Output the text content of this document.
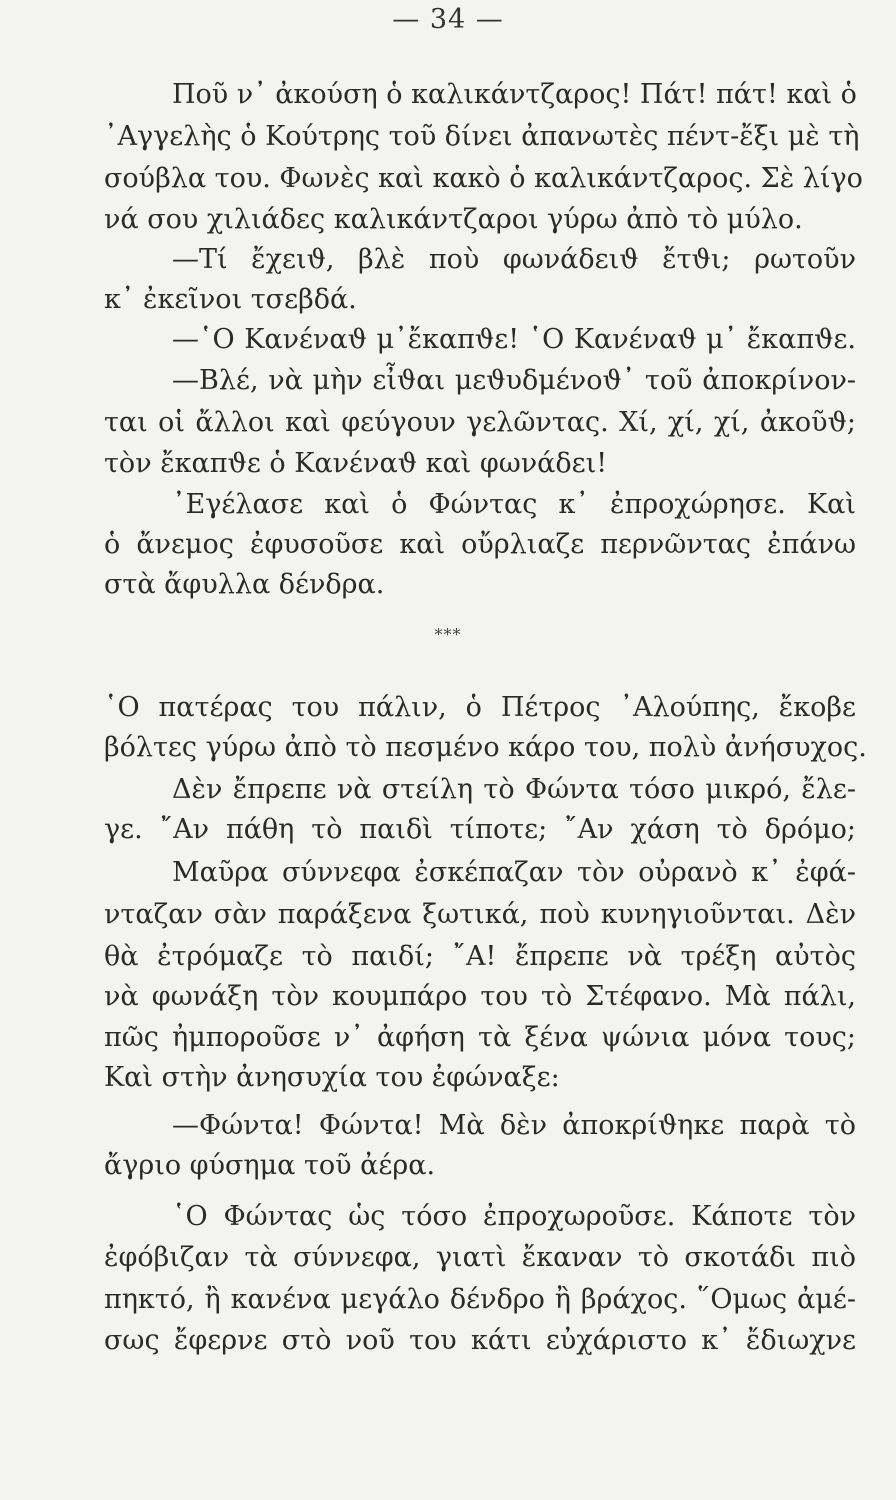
— 34 —
Ποῦ ν᾽ ἀκούση ὁ καλικάντζαρος! Πάτ! πάτ! καὶ ὁ
᾽Αγγελὴς ὁ Κούτρης τοῦ δίνει ἀπανωτὲς πέντ-ἔξι μὲ τὴ
σούβλα του. Φωνὲς καὶ κακὸ ὁ καλικάντζαρος. Σὲ λίγο
νά σου χιλιάδες καλικάντζαροι γύρω ἀπὸ τὸ μύλο.
—Τί ἔχειϑ, βλὲ ποὺ φωνάδειϑ ἔτϑι; ρωτοῦν
κ᾽ ἐκεῖνοι τσεβδά.
—῾Ο Κανέναϑ μ᾽ἔκαπϑε! ῾Ο Κανέναϑ μ᾽ ἔκαπϑε.
—Βλέ, νὰ μὴν εἶϑαι μεϑυδμένοϑ᾽ τοῦ ἀποκρίνον-
ται οἱ ἄλλοι καὶ φεύγουν γελῶντας. Χί, χί, χί, ἀκοῦϑ;
τὸν ἔκαπϑε ὁ Κανέναϑ καὶ φωνάδει!
᾽Εγέλασε καὶ ὁ Φώντας κ᾽ ἐπροχώρησε. Καὶ
ὁ ἄνεμος ἐφυσοῦσε καὶ οὔρλιαζε περνῶντας ἐπάνω
στὰ ἄφυλλα δένδρα.
***
῾Ο πατέρας του πάλιν, ὁ Πέτρος ᾽Αλούπης, ἔκοβε
βόλτες γύρω ἀπὸ τὸ πεσμένο κάρο του, πολὺ ἀνήσυχος.
Δὲν ἔπρεπε νὰ στείλη τὸ Φώντα τόσο μικρό, ἔλε-
γε. ῎Αν πάθη τὸ παιδὶ τίποτε; ῎Αν χάση τὸ δρόμο;
Μαῦρα σύννεφα ἐσκέπαζαν τὸν οὐρανὸ κ᾽ ἐφά-
νταζαν σὰν παράξενα ξωτικά, ποὺ κυνηγιοῦνται. Δὲν
θὰ ἐτρόμαζε τὸ παιδί; ῎Α! ἔπρεπε νὰ τρέξη αὐτὸς
νὰ φωνάξη τὸν κουμπάρο του τὸ Στέφανο. Μὰ πάλι,
πῶς ἠμποροῦσε ν᾽ ἀφήση τὰ ξένα ψώνια μόνα τους;
Καὶ στὴν ἀνησυχία του ἐφώναξε:
—Φώντα! Φώντα! Μὰ δὲν ἀποκρίϑηκε παρὰ τὸ
ἄγριο φύσημα τοῦ ἀέρα.
῾Ο Φώντας ὡς τόσο ἐπροχωροῦσε. Κάποτε τὸν
ἐφόβιζαν τὰ σύννεφα, γιατὶ ἔκαναν τὸ σκοτάδι πιὸ
πηκτό, ἢ κανένα μεγάλο δένδρο ἢ βράχος. ῞Ομως ἀμέ-
σως ἔφερνε στὸ νοῦ του κάτι εὐχάριστο κ᾽ ἔδιωχνε
